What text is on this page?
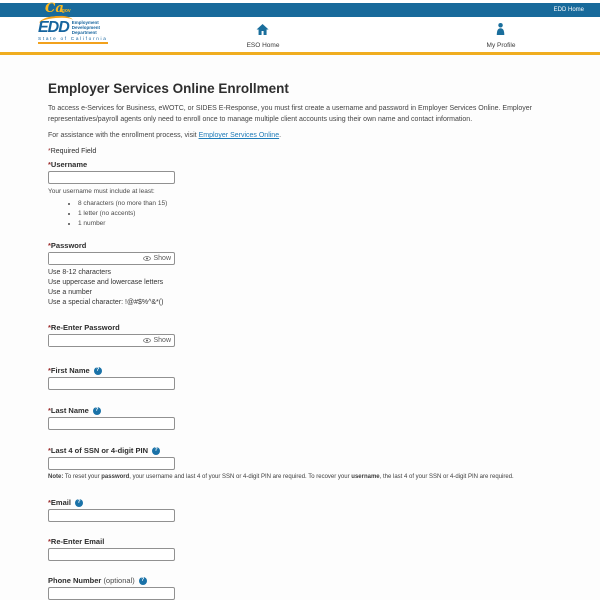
Cagov	EDD Home
EDD Employment
Development
Department
State of California
ESO Home	My Profile
Employer Services Online Enrollment

To access e-Services for Business, eWOTC, or SIDES E-Response, you must first create a username and password in Employer Services Online. Employer representatives/payroll agents only need to enroll once to manage multiple client accounts using their own name and contact information.

For assistance with the enrollment process, visit Employer Services Online.

*Required Field

*Username
Your username must include at least:
• 8 characters (no more than 15)
• 1 letter (no accents)
• 1 number
*Password
Show
Use 8-12 characters
Use uppercase and lowercase letters
Use a number
Use a special character: !@#$%^&*()
*Re-Enter Password
Show
*First Name	?
*Last Name	?
*Last 4 of SSN or 4-digit PIN	?
Note: To reset your password, your username and last 4 of your SSN or 4-digit PIN are required. To recover your username, the last 4 of your SSN or 4-digit PIN are required.
*Email	?
*Re-Enter Email
Phone Number (optional)	?
